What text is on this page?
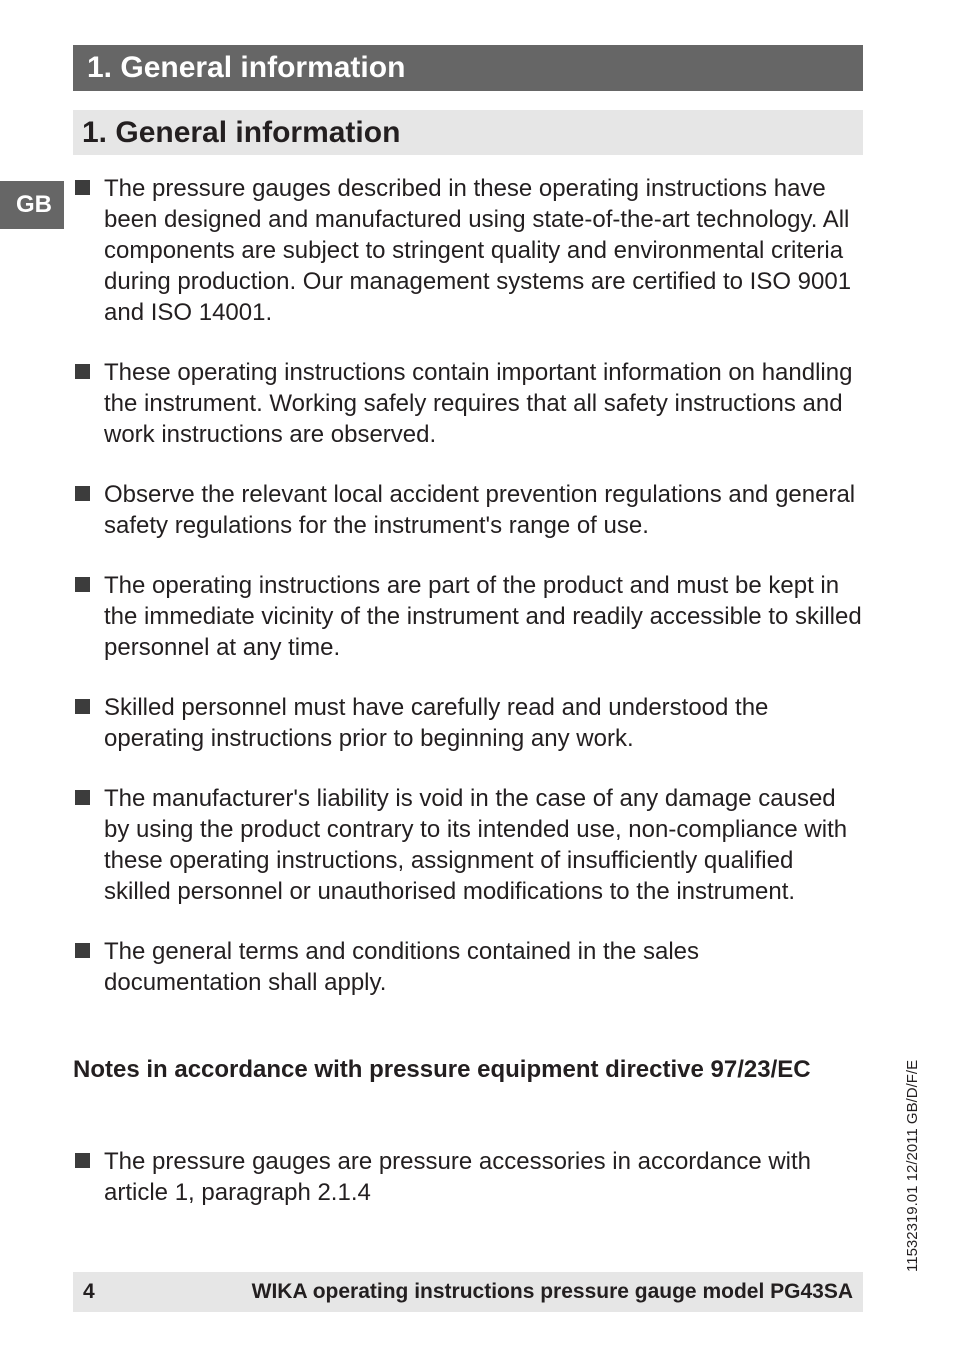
1. General information
1. General information
GB
The pressure gauges described in these operating instructions have been designed and manufactured using state-of-the-art technology. All components are subject to stringent quality and environmental criteria during production. Our management systems are certified to ISO 9001 and ISO 14001.
These operating instructions contain important information on handling the instrument. Working safely requires that all safety instructions and work instructions are observed.
Observe the relevant local accident prevention regulations and general safety regulations for the instrument's range of use.
The operating instructions are part of the product and must be kept in the immediate vicinity of the instrument and readily accessible to skilled personnel at any time.
Skilled personnel must have carefully read and understood the operating instructions prior to beginning any work.
The manufacturer's liability is void in the case of any damage caused by using the product contrary to its intended use, non-compliance with these operating instructions, assignment of insufficiently qualified skilled personnel or unauthorised modifications to the instrument.
The general terms and conditions contained in the sales documentation shall apply.
Notes in accordance with pressure equipment directive 97/23/EC
The pressure gauges are pressure accessories in accordance with article 1, paragraph 2.1.4
4	WIKA operating instructions pressure gauge model PG43SA
11532319.01 12/2011 GB/D/F/E
